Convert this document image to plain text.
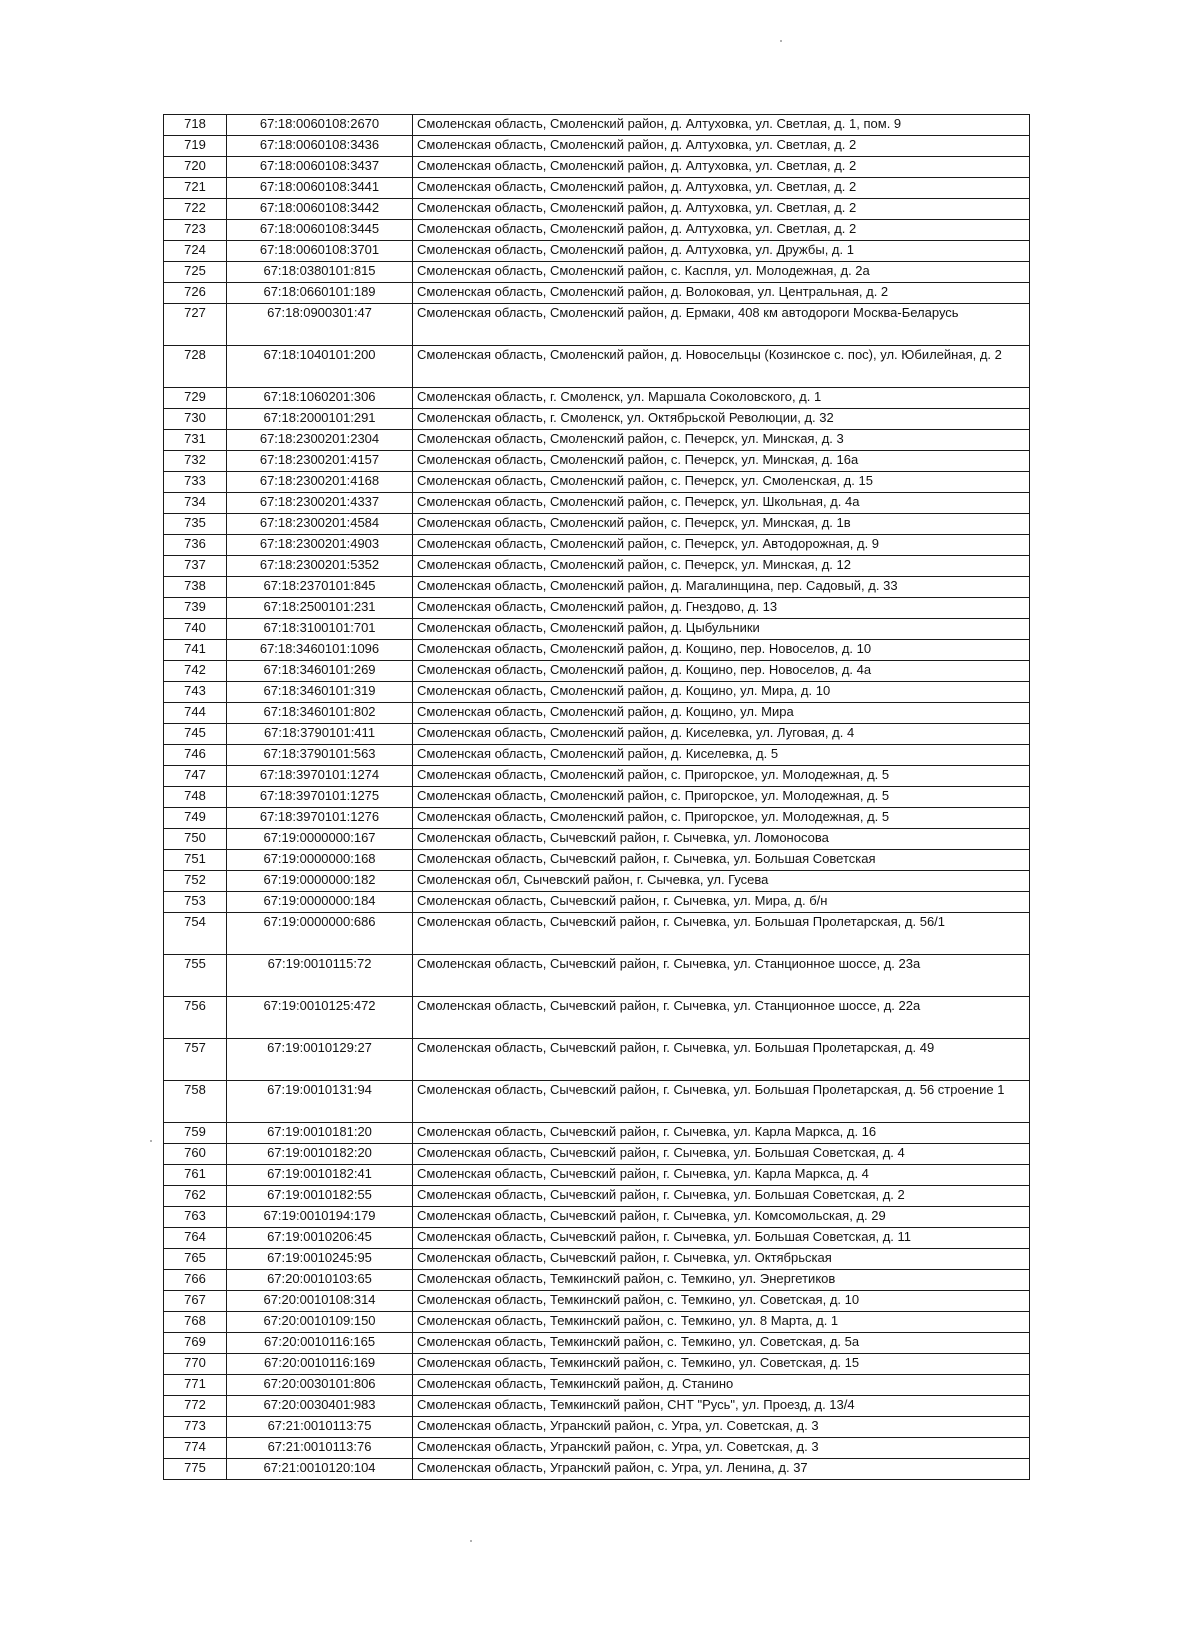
718	67:18:0060108:2670	Смоленская область, Смоленский район, д. Алтуховка, ул. Светлая, д. 1, пом. 9
719	67:18:0060108:3436	Смоленская область, Смоленский район, д. Алтуховка, ул. Светлая, д. 2
720	67:18:0060108:3437	Смоленская область, Смоленский район, д. Алтуховка, ул. Светлая, д. 2
721	67:18:0060108:3441	Смоленская область, Смоленский район, д. Алтуховка, ул. Светлая, д. 2
722	67:18:0060108:3442	Смоленская область, Смоленский район, д. Алтуховка, ул. Светлая, д. 2
723	67:18:0060108:3445	Смоленская область, Смоленский район, д. Алтуховка, ул. Светлая, д. 2
724	67:18:0060108:3701	Смоленская область, Смоленский район, д. Алтуховка, ул. Дружбы, д. 1
725	67:18:0380101:815	Смоленская область, Смоленский район, с. Каспля, ул. Молодежная, д. 2а
726	67:18:0660101:189	Смоленская область, Смоленский район, д. Волоковая, ул. Центральная, д. 2
727	67:18:0900301:47	Смоленская область, Смоленский район, д. Ермаки, 408 км автодороги Москва-Беларусь
728	67:18:1040101:200	Смоленская область, Смоленский район, д. Новосельцы (Козинское с. пос), ул. Юбилейная, д. 2
729	67:18:1060201:306	Смоленская область, г. Смоленск, ул. Маршала Соколовского, д. 1
730	67:18:2000101:291	Смоленская область, г. Смоленск, ул. Октябрьской Революции, д. 32
731	67:18:2300201:2304	Смоленская область, Смоленский район, с. Печерск, ул. Минская, д. 3
732	67:18:2300201:4157	Смоленская область, Смоленский район, с. Печерск, ул. Минская, д. 16а
733	67:18:2300201:4168	Смоленская область, Смоленский район, с. Печерск, ул. Смоленская, д. 15
734	67:18:2300201:4337	Смоленская область, Смоленский район, с. Печерск, ул. Школьная, д. 4а
735	67:18:2300201:4584	Смоленская область, Смоленский район, с. Печерск, ул. Минская, д. 1в
736	67:18:2300201:4903	Смоленская область, Смоленский район, с. Печерск, ул. Автодорожная, д. 9
737	67:18:2300201:5352	Смоленская область, Смоленский район, с. Печерск, ул. Минская, д. 12
738	67:18:2370101:845	Смоленская область, Смоленский район, д. Магалинщина, пер. Садовый, д. 33
739	67:18:2500101:231	Смоленская область, Смоленский район, д. Гнездово, д. 13
740	67:18:3100101:701	Смоленская область, Смоленский район, д. Цыбульники
741	67:18:3460101:1096	Смоленская область, Смоленский район, д. Кощино, пер. Новоселов, д. 10
742	67:18:3460101:269	Смоленская область, Смоленский район, д. Кощино, пер. Новоселов, д. 4а
743	67:18:3460101:319	Смоленская область, Смоленский район, д. Кощино, ул. Мира, д. 10
744	67:18:3460101:802	Смоленская область, Смоленский район, д. Кощино, ул. Мира
745	67:18:3790101:411	Смоленская область, Смоленский район, д. Киселевка, ул. Луговая, д. 4
746	67:18:3790101:563	Смоленская область, Смоленский район, д. Киселевка, д. 5
747	67:18:3970101:1274	Смоленская область, Смоленский район, с. Пригорское, ул. Молодежная, д. 5
748	67:18:3970101:1275	Смоленская область, Смоленский район, с. Пригорское, ул. Молодежная, д. 5
749	67:18:3970101:1276	Смоленская область, Смоленский район, с. Пригорское, ул. Молодежная, д. 5
750	67:19:0000000:167	Смоленская область, Сычевский район, г. Сычевка, ул. Ломоносова
751	67:19:0000000:168	Смоленская область, Сычевский район, г. Сычевка, ул. Большая Советская
752	67:19:0000000:182	Смоленская обл, Сычевский район, г. Сычевка, ул. Гусева
753	67:19:0000000:184	Смоленская область, Сычевский район, г. Сычевка, ул. Мира, д. б/н
754	67:19:0000000:686	Смоленская область, Сычевский район, г. Сычевка, ул. Большая Пролетарская, д. 56/1
755	67:19:0010115:72	Смоленская область, Сычевский район, г. Сычевка, ул. Станционное шоссе, д. 23а
756	67:19:0010125:472	Смоленская область, Сычевский район, г. Сычевка, ул. Станционное шоссе, д. 22а
757	67:19:0010129:27	Смоленская область, Сычевский район, г. Сычевка, ул. Большая Пролетарская, д. 49
758	67:19:0010131:94	Смоленская область, Сычевский район, г. Сычевка, ул. Большая Пролетарская, д. 56 строение 1
759	67:19:0010181:20	Смоленская область, Сычевский район, г. Сычевка, ул. Карла Маркса, д. 16
760	67:19:0010182:20	Смоленская область, Сычевский район, г. Сычевка, ул. Большая Советская, д. 4
761	67:19:0010182:41	Смоленская область, Сычевский район, г. Сычевка, ул. Карла Маркса, д. 4
762	67:19:0010182:55	Смоленская область, Сычевский район, г. Сычевка, ул. Большая Советская, д. 2
763	67:19:0010194:179	Смоленская область, Сычевский район, г. Сычевка, ул. Комсомольская, д. 29
764	67:19:0010206:45	Смоленская область, Сычевский район, г. Сычевка, ул. Большая Советская, д. 11
765	67:19:0010245:95	Смоленская область, Сычевский район, г. Сычевка, ул. Октябрьская
766	67:20:0010103:65	Смоленская область, Темкинский район, с. Темкино, ул. Энергетиков
767	67:20:0010108:314	Смоленская область, Темкинский район, с. Темкино, ул. Советская, д. 10
768	67:20:0010109:150	Смоленская область, Темкинский район, с. Темкино, ул. 8 Марта, д. 1
769	67:20:0010116:165	Смоленская область, Темкинский район, с. Темкино, ул. Советская, д. 5а
770	67:20:0010116:169	Смоленская область, Темкинский район, с. Темкино, ул. Советская, д. 15
771	67:20:0030101:806	Смоленская область, Темкинский район, д. Станино
772	67:20:0030401:983	Смоленская область, Темкинский район, СНТ "Русь", ул. Проезд, д. 13/4
773	67:21:0010113:75	Смоленская область, Угранский район, с. Угра, ул. Советская, д. 3
774	67:21:0010113:76	Смоленская область, Угранский район, с. Угра, ул. Советская, д. 3
775	67:21:0010120:104	Смоленская область, Угранский район, с. Угра, ул. Ленина, д. 37
